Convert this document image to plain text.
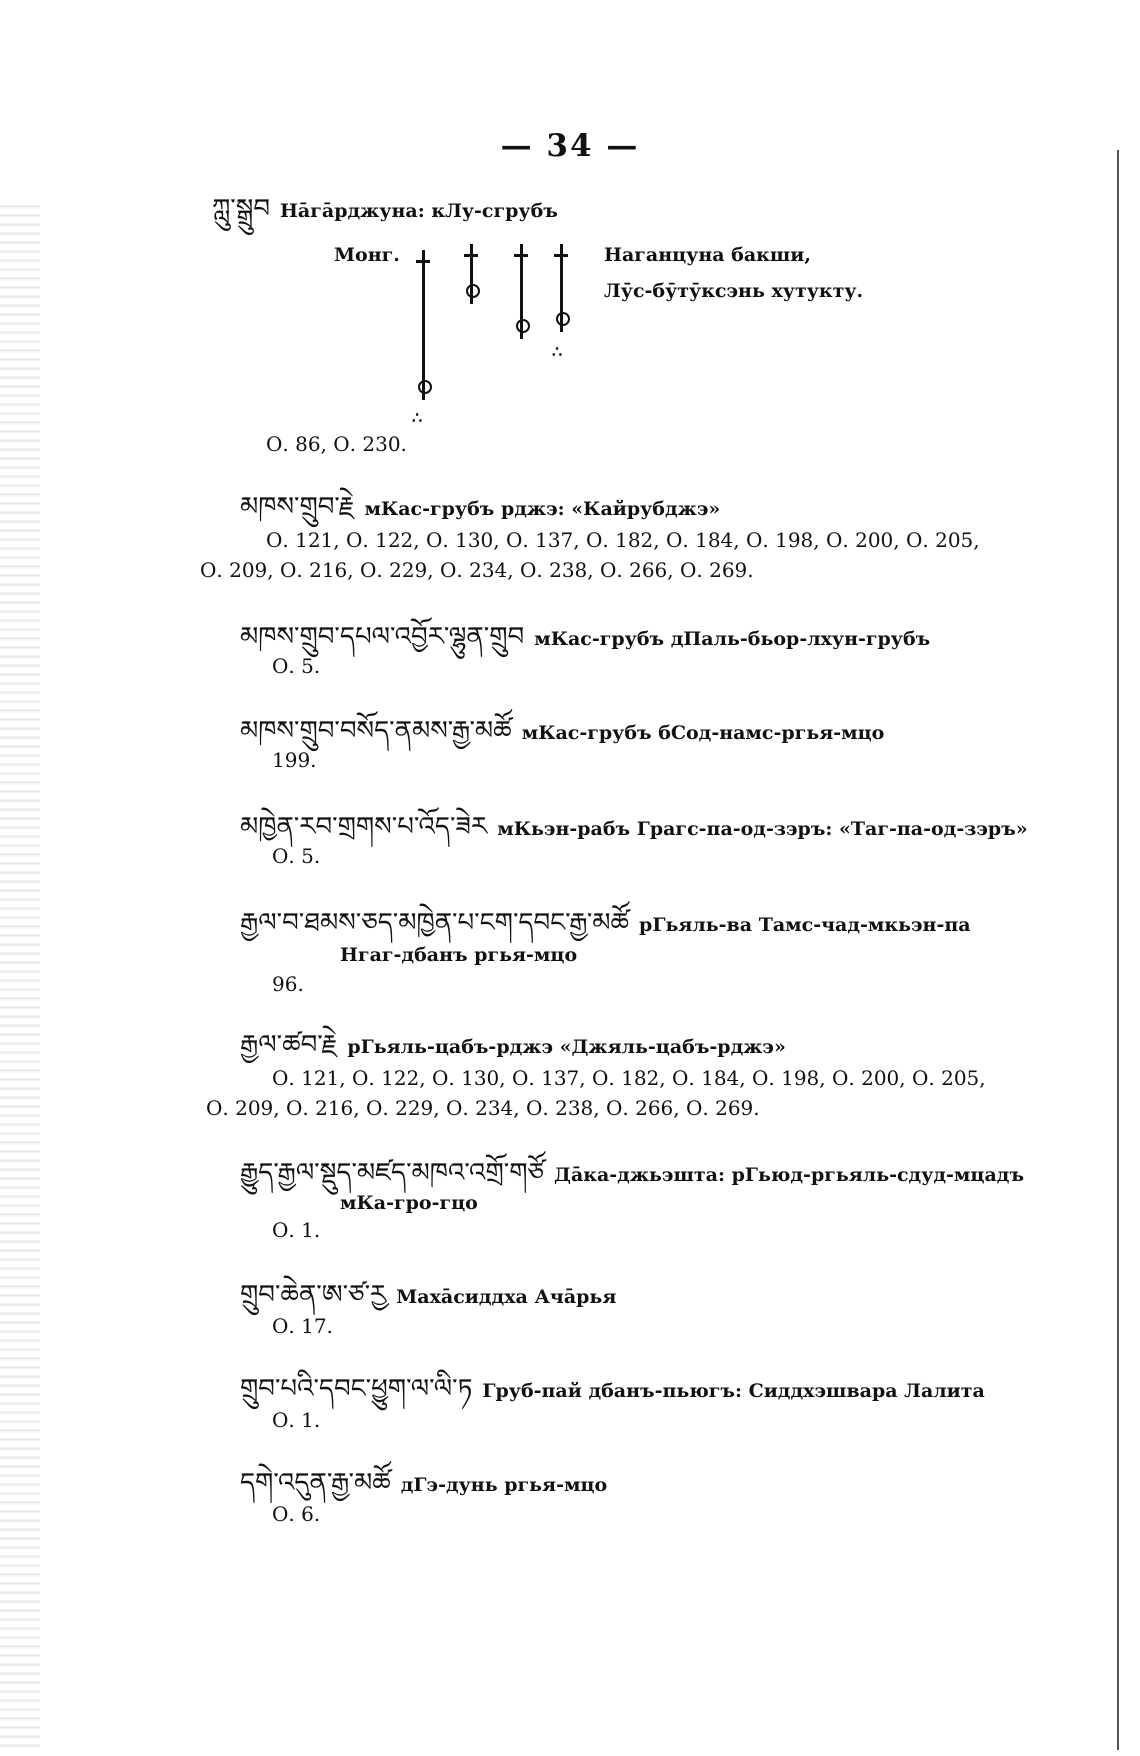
— 34 —
ཀླུ་སྒྲུབ Нāгāрджуна: кЛу-сгрубъ
Монг.
∴
∴
Наганцуна бакши,
Лӯс-бӯтӯксэнь хутукту.
О. 86, О. 230.
མཁས་གྲུབ་རྗེ мКас-грубъ рджэ: «Кайрубджэ»
О. 121, О. 122, О. 130, О. 137, О. 182, О. 184, О. 198, О. 200, О. 205,
О. 209, О. 216, О. 229, О. 234, О. 238, О. 266, О. 269.
མཁས་གྲུབ་དཔལ་འབྱོར་ལྷུན་གྲུབ мКас-грубъ дПаль-бьор-лхун-грубъ
О. 5.
མཁས་གྲུབ་བསོད་ནམས་རྒྱ་མཚོ мКас-грубъ бСод-намс-ргья-мцо
199.
མཁྱེན་རབ་གྲགས་པ་འོད་ཟེར мКьэн-рабъ Грагс-па-од-зэръ: «Таг-па-од-зэръ»
О. 5.
རྒྱལ་བ་ཐམས་ཅད་མཁྱེན་པ་ངག་དབང་རྒྱ་མཚོ рГьяль-ва Тамс-чад-мкьэн-па
Нгаг-дбанъ ргья-мцо
96.
རྒྱལ་ཚབ་རྗེ рГьяль-цабъ-рджэ «Джяль-цабъ-рджэ»
О. 121, О. 122, О. 130, О. 137, О. 182, О. 184, О. 198, О. 200, О. 205,
О. 209, О. 216, О. 229, О. 234, О. 238, О. 266, О. 269.
རྒྱུད་རྒྱལ་སྡུད་མཛད་མཁའ་འགྲོ་གཙོ Дāка-джьэшта: рГьюд-ргьяль-сдуд-мцадъ
мКа-гро-гцо
О. 1.
གྲུབ་ཆེན་ཨ་ཙ་རྱ Махāсиддха Ачāрья
О. 17.
གྲུབ་པའི་དབང་ཕྱུག་ལ་ལི་ཏ Груб-пай дбанъ-пьюгъ: Сиддхэшвара Лалита
О. 1.
དགེ་འདུན་རྒྱ་མཚོ дГэ-дунь ргья-мцо
О. 6.
